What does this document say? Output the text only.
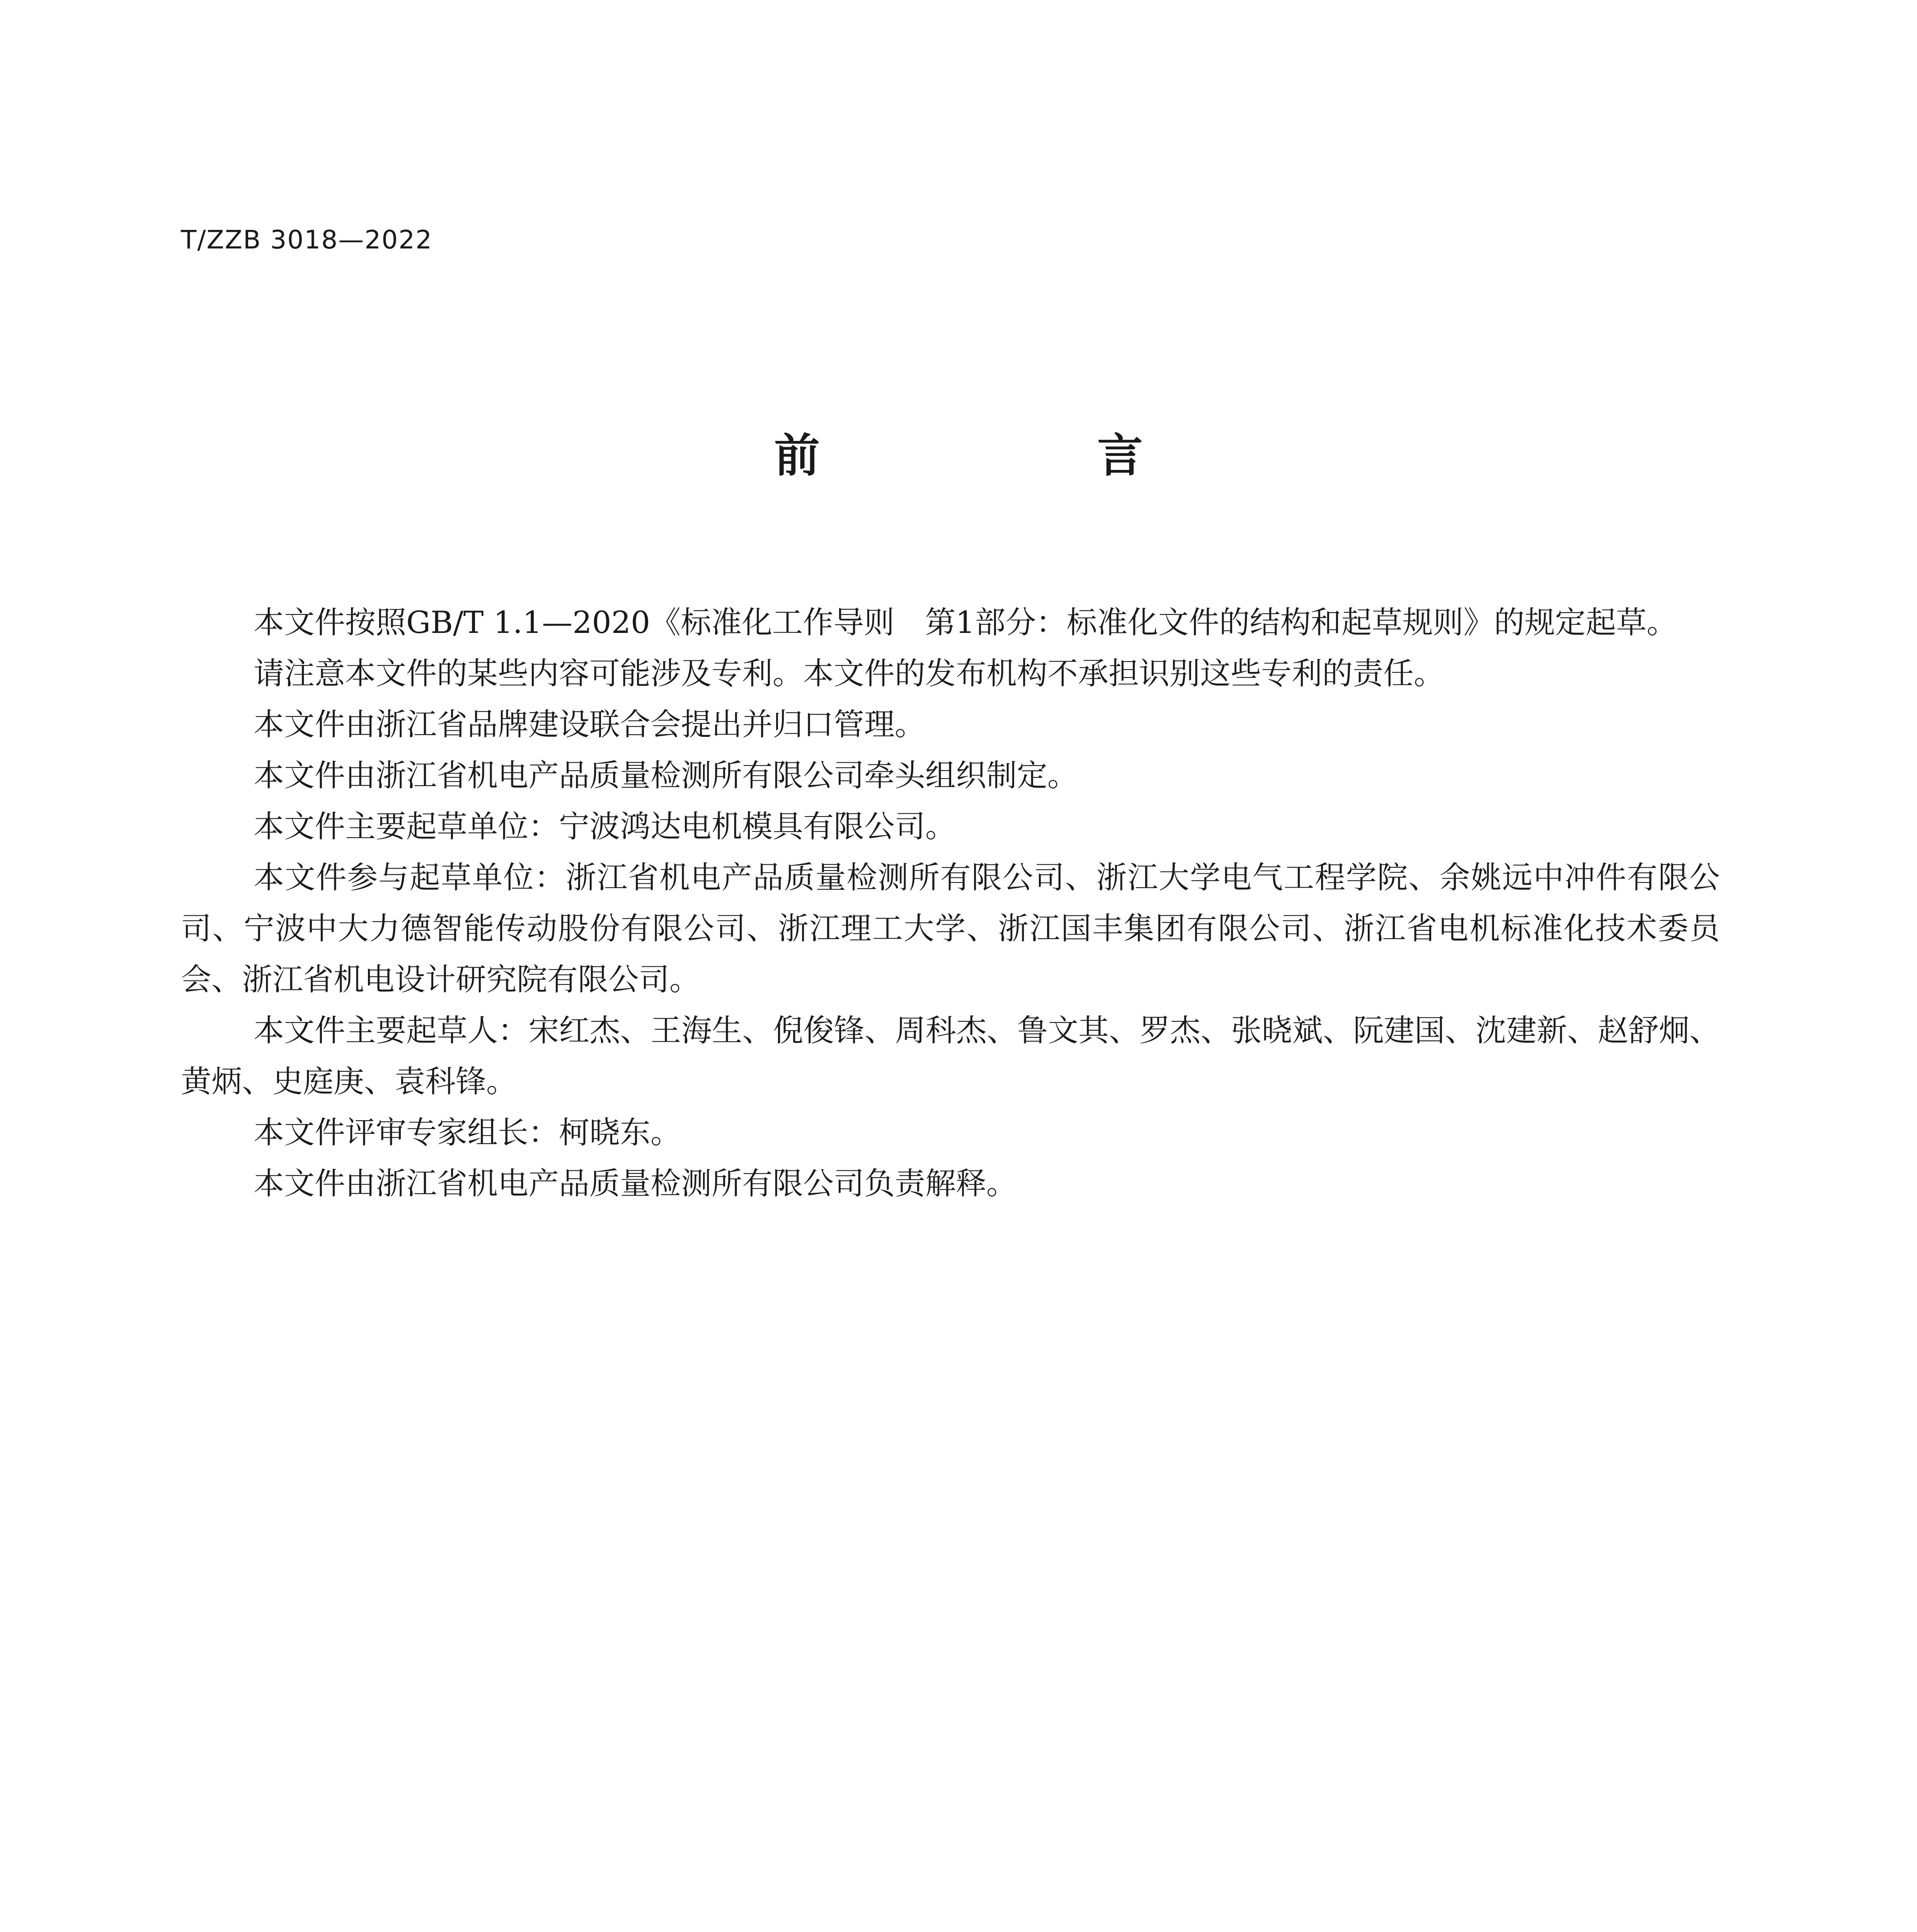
T/ZZB 3018—2022
前　言

本文件按照GB/T 1.1—2020《标准化工作导则　第1部分：标准化文件的结构和起草规则》的规定起草。

请注意本文件的某些内容可能涉及专利。本文件的发布机构不承担识别这些专利的责任。

本文件由浙江省品牌建设联合会提出并归口管理。

本文件由浙江省机电产品质量检测所有限公司牵头组织制定。

本文件主要起草单位：宁波鸿达电机模具有限公司。

本文件参与起草单位：浙江省机电产品质量检测所有限公司、浙江大学电气工程学院、余姚远中冲件有限公司、宁波中大力德智能传动股份有限公司、浙江理工大学、浙江国丰集团有限公司、浙江省电机标准化技术委员会、浙江省机电设计研究院有限公司。

本文件主要起草人：宋红杰、王海生、倪俊锋、周科杰、鲁文其、罗杰、张晓斌、阮建国、沈建新、赵舒炯、黄炳、史庭庚、袁科锋。

本文件评审专家组长：柯晓东。

本文件由浙江省机电产品质量检测所有限公司负责解释。
